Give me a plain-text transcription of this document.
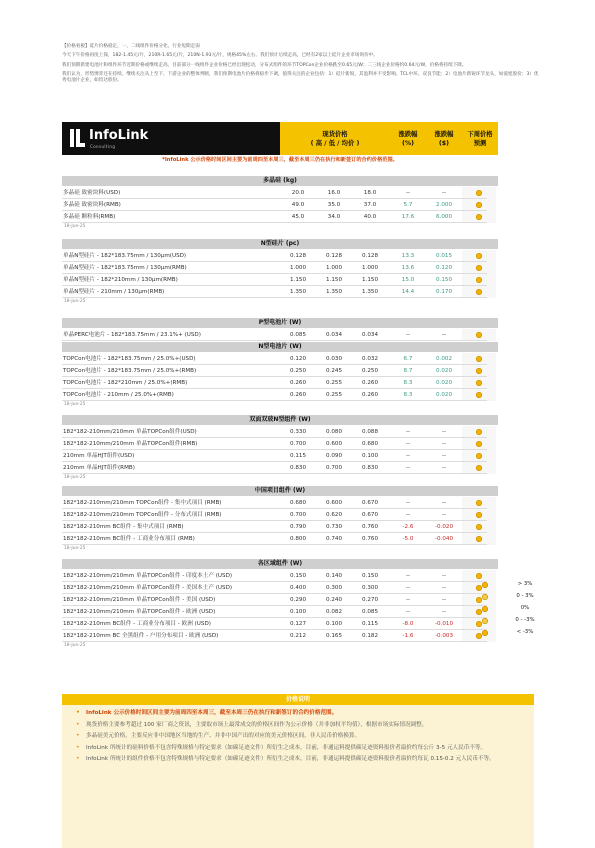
【价格看板】硅片价格稳定，一、二线组件价格分化，行业短期走弱

今天下午价格再度上探，182-1.45元/片，210R-1.65元/片，210N-1.93元/片，规格45%左右。我们预计后续走高，已经有2家以上硅片企业市场询价中。

我们预期新建电池片和组件环节近期价格或继续走高，目前部分一线组件企业价格已经出现松动，分布式组件的环节TOPCon企业价格跌至0.65元/W；二三线企业价格约0.64元/W，价格将持续下降。

我们认为，形势博弈还在持续，继续关注从上至下、下游企业的整体判断，我们预期电池片价格将稳步下调，值得关注的企业包括：1）硅片新锐，其盈利并不受影响。TCL中环、双良节能；2）电池片新锐环节龙头，如爱旭股份；3）优秀电池片企业，如钧达股份。

InfoLink
Consulting
现货价格
( 高 / 低 / 均价 )
涨跌幅
(%)
涨跌幅
($)
下周价格
预测
*InfoLink 公示价格时间区间主要为前周四至本周三，截至本周三仍在执行和新签订的合约价格范围。
多晶硅 (kg)
多晶硅 致密块料(USD)	20.0	16.0	18.0	--	--
多晶硅 致密块料(RMB)	49.0	35.0	37.0	5.7	2.000
多晶硅 颗粒料(RMB)	45.0	34.0	40.0	17.6	6.000
18-Jun-25
N型硅片 (pc)
单晶N型硅片 - 182*183.75mm / 130μm(USD)	0.128	0.128	0.128	13.3	0.015
单晶N型硅片 - 182*183.75mm / 130μm(RMB)	1.000	1.000	1.000	13.6	0.120
单晶N型硅片 - 182*210mm / 130μm(RMB)	1.150	1.150	1.150	15.0	0.150
单晶N型硅片 - 210mm / 130μm(RMB)	1.350	1.350	1.350	14.4	0.170
18-Jun-25
P型电池片 (W)
单晶PERC电池片 - 182*183.75mm / 23.1%+ (USD)	0.085	0.034	0.034	--	--
N型电池片 (W)
TOPCon电池片 - 182*183.75mm / 25.0%+(USD)	0.120	0.030	0.032	6.7	0.002
TOPCon电池片 - 182*183.75mm / 25.0%+(RMB)	0.250	0.245	0.250	8.7	0.020
TOPCon电池片 - 182*210mm / 25.0%+(RMB)	0.260	0.255	0.260	8.3	0.020
TOPCon电池片 - 210mm / 25.0%+(RMB)	0.260	0.255	0.260	8.3	0.020
18-Jun-25
双面双玻N型组件 (W)
182*182-210mm/210mm 单晶TOPCon组件(USD)	0.330	0.080	0.088	--	--
182*182-210mm/210mm 单晶TOPCon组件(RMB)	0.700	0.600	0.680	--	--
210mm 单晶HJT组件(USD)	0.115	0.090	0.100	--	--
210mm 单晶HJT组件(RMB)	0.830	0.700	0.830	--	--
18-Jun-25
中国项目组件 (W)
182*182-210mm/210mm TOPCon组件 - 集中式项目 (RMB)	0.680	0.600	0.670	--	--
182*182-210mm/210mm TOPCon组件 - 分布式项目 (RMB)	0.700	0.620	0.670	--	--
182*182-210mm BC组件 - 集中式项目 (RMB)	0.790	0.730	0.760	-2.6	-0.020
182*182-210mm BC组件 - 工商业分布项目 (RMB)	0.800	0.740	0.760	-5.0	-0.040
18-Jun-25
各区域组件 (W)
182*182-210mm/210mm 单晶TOPCon组件 - 印度本土产 (USD)	0.150	0.140	0.150	--	--
182*182-210mm/210mm 单晶TOPCon组件 - 美国本土产 (USD)	0.400	0.300	0.300	--	--
182*182-210mm/210mm 单晶TOPCon组件 - 美国 (USD)	0.290	0.240	0.270	--	--
182*182-210mm/210mm 单晶TOPCon组件 - 欧洲 (USD)	0.100	0.082	0.085	--	--
182*182-210mm BC组件 - 工商业分布项目 - 欧洲 (USD)	0.127	0.100	0.115	-8.0	-0.010
182*182-210mm BC 全黑组件 - 户用分布项目 - 欧洲 (USD)	0.212	0.165	0.182	-1.6	-0.003
18-Jun-25
价格说明
• InfoLink 公示价格时间区间主要为前周四至本周三，截至本周三仍在执行和新签订的合约价格范围。
• 现货价格主要参考超过 100 家厂商之资讯，主要取市场上最常成交的价格区间作为公示价格（并非加权平均值），根据市场实际情况调整。
• 多晶硅美元价格，主要反应非中国地区当地的生产、并非中国产出的对应的美元价格区间，非人民币价格换算。
• InfoLink 所统计的硅料价格不包含特殊规格与特定要求（如碳足迹文件）所衍生之成本，目前，非通运料提供碳足迹资料报价者溢价约每公斤 3-5 元人民币不等。
• InfoLink 所统计的组件价格不包含特殊规格与特定要求（如碳足迹文件）所衍生之成本，目前，非通运料提供碳足迹资料报价者溢价约每瓦 0.15-0.2 元人民币不等。
> 3%
0 - 3%
0%
0 - -3%
< -3%
